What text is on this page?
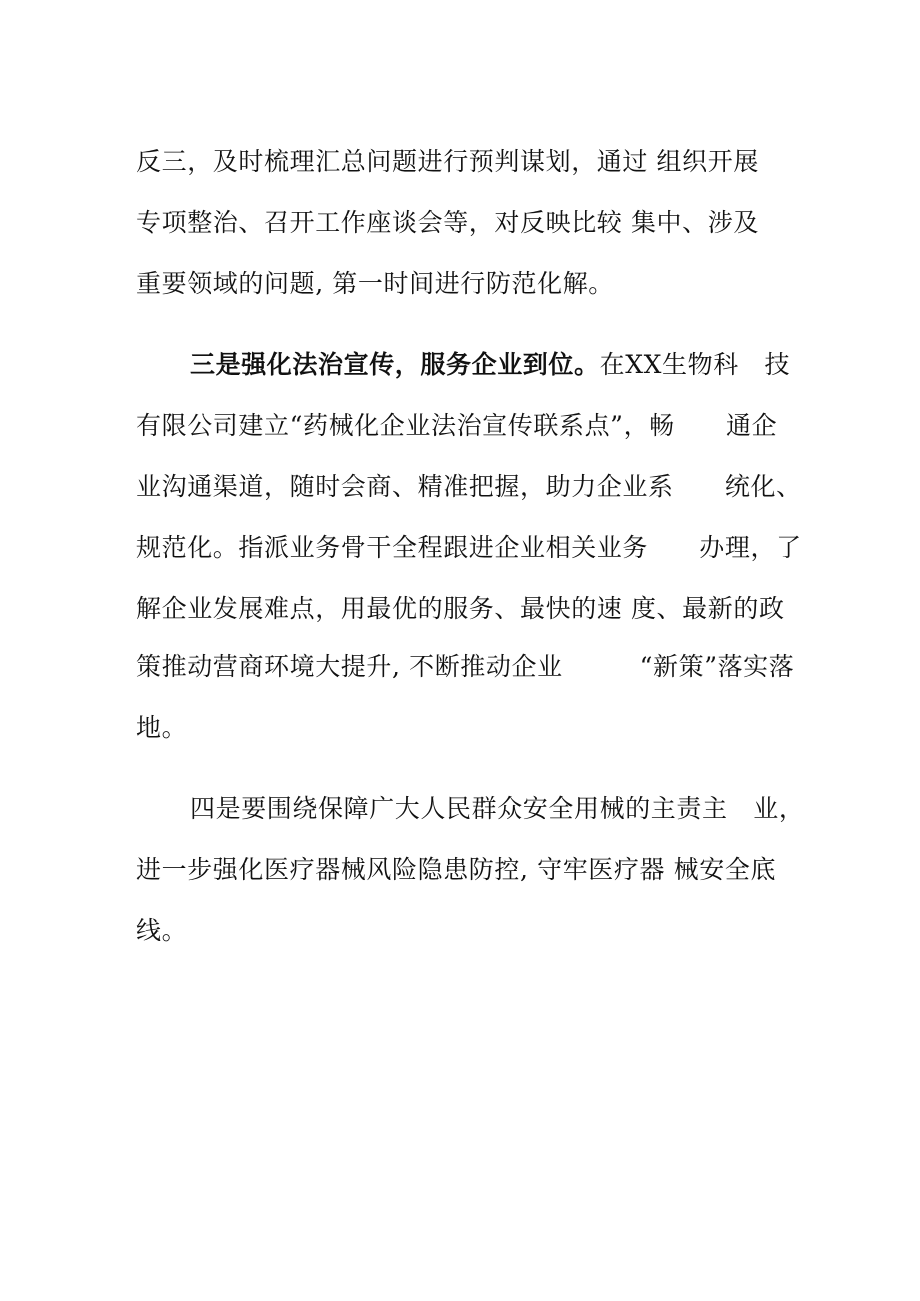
反三，及时梳理汇总问题进行预判谋划，通过 组织开展
专项整治、召开工作座谈会等，对反映比较 集中、涉及
重要领域的问题, 第一时间进行防范化解。
三是强化法治宣传，服务企业到位。在XX生物科   技
有限公司建立“药械化企业法治宣传联系点”，畅      通企
业沟通渠道，随时会商、精准把握，助力企业系      统化、
规范化。指派业务骨干全程跟进企业相关业务      办理，了
解企业发展难点，用最优的服务、最快的速 度、最新的政
策推动营商环境大提升, 不断推动企业         “新策”落实落
地。
四是要围绕保障广大人民群众安全用械的主责主   业，
进一步强化医疗器械风险隐患防控, 守牢医疗器 械安全底
线。
